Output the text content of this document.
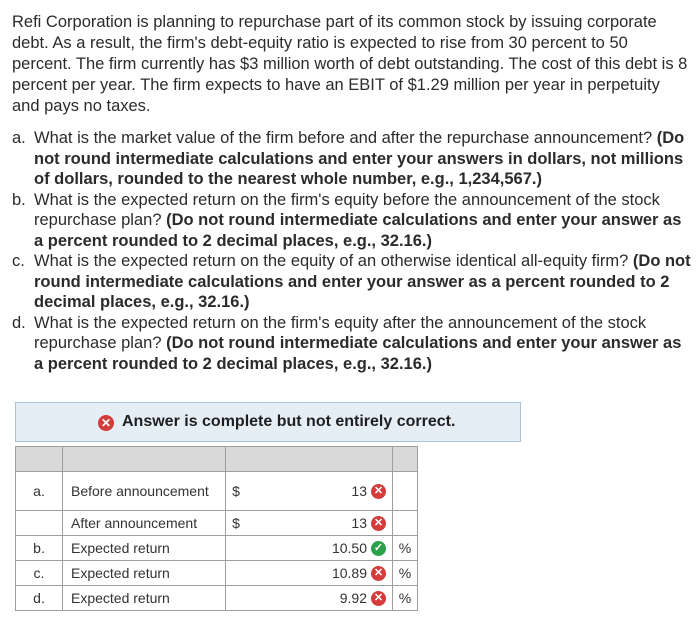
Refi Corporation is planning to repurchase part of its common stock by issuing corporate debt. As a result, the firm's debt-equity ratio is expected to rise from 30 percent to 50 percent. The firm currently has $3 million worth of debt outstanding. The cost of this debt is 8 percent per year. The firm expects to have an EBIT of $1.29 million per year in perpetuity and pays no taxes.

a. What is the market value of the firm before and after the repurchase announcement? (Do not round intermediate calculations and enter your answers in dollars, not millions of dollars, rounded to the nearest whole number, e.g., 1,234,567.)
b. What is the expected return on the firm's equity before the announcement of the stock repurchase plan? (Do not round intermediate calculations and enter your answer as a percent rounded to 2 decimal places, e.g., 32.16.)
c. What is the expected return on the equity of an otherwise identical all-equity firm? (Do not round intermediate calculations and enter your answer as a percent rounded to 2 decimal places, e.g., 32.16.)
d. What is the expected return on the firm's equity after the announcement of the stock repurchase plan? (Do not round intermediate calculations and enter your answer as a percent rounded to 2 decimal places, e.g., 32.16.)
✕ Answer is complete but not entirely correct.

a.	Before announcement	$	13 ✕	

	After announcement	$	13 ✕	

b.	Expected return		10.50 ✓	%
c.	Expected return		10.89 ✕	%
d.	Expected return		9.92 ✕	%
